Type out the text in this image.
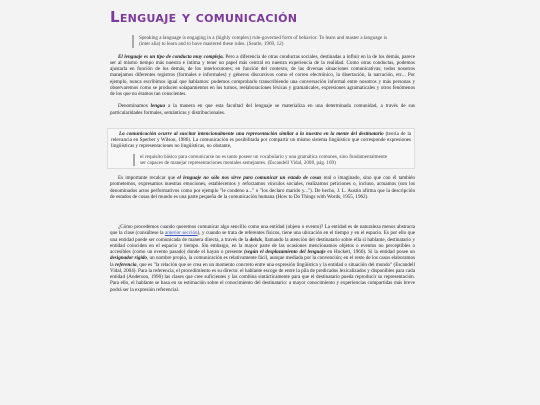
Lenguaje y comunicación
Speaking a language is engaging in a (highly complex) rule-governed form of behavior. To learn and master a language is (inter alia) to learn and to have mastered these rules. (Searle, 1969, 12)

El lenguaje es un tipo de conducta muy compleja. Pero a diferencia de otras conductas sociales, destinadas a influir en la de los demás, parece ser al mismo tiempo más nuestra e íntima y tener un papel más central en nuestra experiencia de la realidad. Como otras conductas, podemos ajustarla en función de los demás, de los interlocutores; en función del contexto, de las diversas situaciones comunicativas; todos nosotros manejamos diferentes registros (formales e informales) y géneros discursivos como el correo electrónico, la disertación, la narración, etc... Por ejemplo, nunca escribimos igual que hablamos: podemos comprobarlo transcribiendo una conversación informal entre nosotros y más personas y observaremos como se producen solapamientos en los turnos, reelaboraciones léxicas y gramaticales, expresiones agramaticales y otros fenómenos de los que no éramos tan conscientes.

Denominamos lengua a la manera en que esta facultad del lenguaje se materializa en una determinada comunidad, a través de sus particularidades formales, semánticas y distribucionales.

La comunicación ocurre al suscitar intencionalmente una representación similar a la nuestra en la mente del destinatario (teoría de la relevancia en Sperber y Wilson, 1986). La comunicación es posibilitada por compartir un mismo sistema lingüístico que corresponde expresiones lingüísticas y representaciones no lingüísticas, no obstante,

el requisito básico para comunicarse no es tanto poseer un vocabulario y una gramática comunes, sino fundamentalmente ser capaces de manejar representaciones mentales semejantes. (Escandell Vidal, 2008, pág. 169)

Es importante recalcar que el lenguaje no sólo nos sirve para comunicar un estado de cosas real o imaginado, sino que con él también prometemos, expresamos nuestras emociones, establecemos y reforzamos vínculos sociales, realizamos peticiones o, incluso, actuamos (son los denominados actos performativos como por ejemplo "le condeno a..." o "los declaro marido y..."). De hecho, J. L. Austin afirma que la descripción de estados de cosas del mundo es una parte pequeña de la comunicación humana (How to Do Things with Words, 1955, 1962).

¿Cómo procedemos cuando queremos comunicar algo sencillo como una entidad (objeto o evento)? La entidad es de naturaleza menos abstracta que la clase (consúltese la anterior sección), y cuando se trata de referentes físicos, tiene una ubicación en el tiempo y en el espacio. Es por ello que una entidad puede ser comunicada de manera directa, a través de la deixis, llamando la atención del destinatario sobre ella si hablante, destinatario y entidad coinciden en el espacio y tiempo. Sin embargo, en la mayor parte de las ocasiones mencionamos objetos o eventos no perceptibles o accesibles (como un evento pasado) donde el hayan o presente (según el desplazamiento del lenguaje en Hockett, 1960). Si la entidad posee un designador rígido, un nombre propio, la comunicación es relativamente fácil, aunque mediada por la convención; en el resto de los casos elaboramos la referencia, que es "la relación que se crea en un momento concreto entre una expresión lingüística y la entidad o situación del mundo" (Escandell Vidal, 2004). Para la referencia, el procedimiento es su directo: el hablante escoge de entre la pila de predicados lexicalizados y disponibles para cada entidad (Anderson, 1990) las clases que cree suficientes y las combina sintácticamente para que el destinatario pueda reproducir su representación. Para ello, el hablante se basa en su estimación sobre el conocimiento del destinatario: a mayor conocimiento y experiencias compartidas más breve podrá ser la expresión referencial.
